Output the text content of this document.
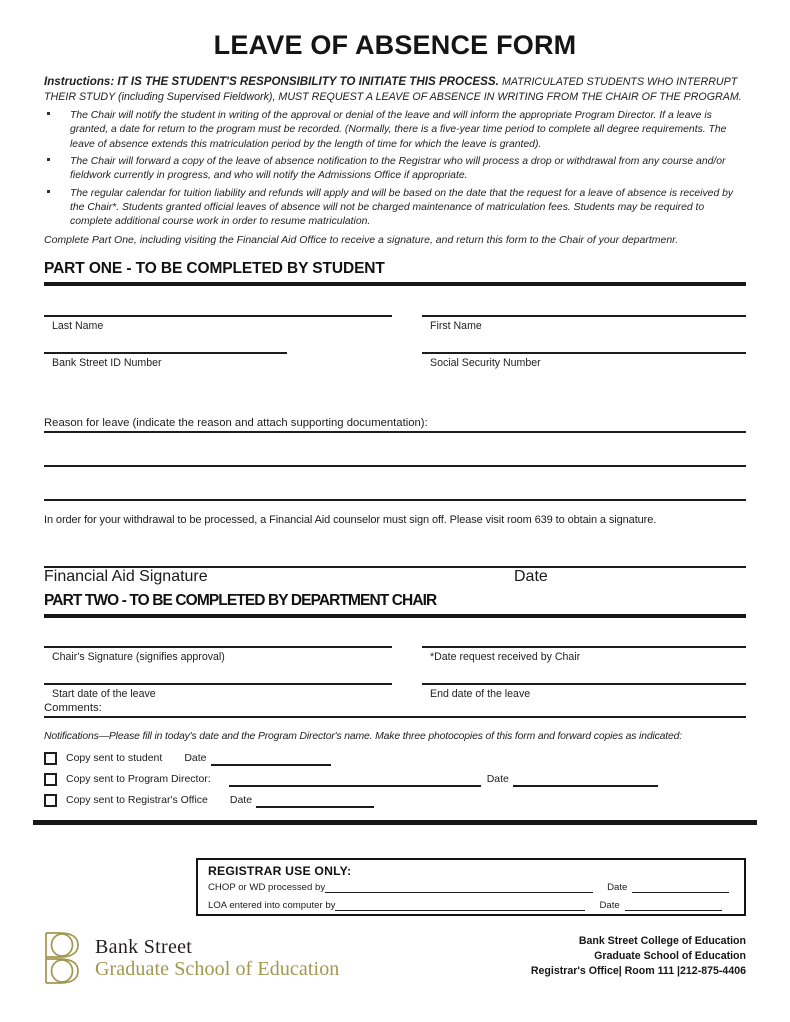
LEAVE OF ABSENCE FORM
Instructions: IT IS THE STUDENT'S RESPONSIBILITY TO INITIATE THIS PROCESS. MATRICULATED STUDENTS WHO INTERRUPT THEIR STUDY (including Supervised Fieldwork), MUST REQUEST A LEAVE OF ABSENCE IN WRITING FROM THE CHAIR OF THE PROGRAM.
The Chair will notify the student in writing of the approval or denial of the leave and will inform the appropriate Program Director. If a leave is granted, a date for return to the program must be recorded. (Normally, there is a five-year time period to complete all degree requirements. The leave of absence extends this matriculation period by the length of time for which the leave is granted).
The Chair will forward a copy of the leave of absence notification to the Registrar who will process a drop or withdrawal from any course and/or fieldwork currently in progress, and who will notify the Admissions Office if appropriate.
The regular calendar for tuition liability and refunds will apply and will be based on the date that the request for a leave of absence is received by the Chair*. Students granted official leaves of absence will not be charged maintenance of matriculation fees. Students may be required to complete additional course work in order to resume matriculation.
Complete Part One, including visiting the Financial Aid Office to receive a signature, and return this form to the Chair of your departmenr.
PART ONE - TO BE COMPLETED BY STUDENT
Last Name	First Name
Bank Street ID Number	Social Security Number
Reason for leave (indicate the reason and attach supporting documentation):
In order for your withdrawal to be processed, a Financial Aid counselor must sign off. Please visit room 639 to obtain a signature.
Financial Aid Signature	Date
PART TWO - TO BE COMPLETED BY DEPARTMENT CHAIR
Chair's Signature (signifies approval)	*Date request received by Chair
Start date of the leave	End date of the leave
Comments:
Notifications—Please fill in today's date and the Program Director's name. Make three photocopies of this form and forward copies as indicated:
Copy sent to student Date
Copy sent to Program Director:	Date
Copy sent to Registrar's Office Date
REGISTRAR USE ONLY:
CHOP or WD processed by	Date
LOA entered into computer by	Date
Bank Street
Graduate School of Education
Bank Street College of Education
Graduate School of Education
Registrar's Office| Room 111 |212-875-4406
